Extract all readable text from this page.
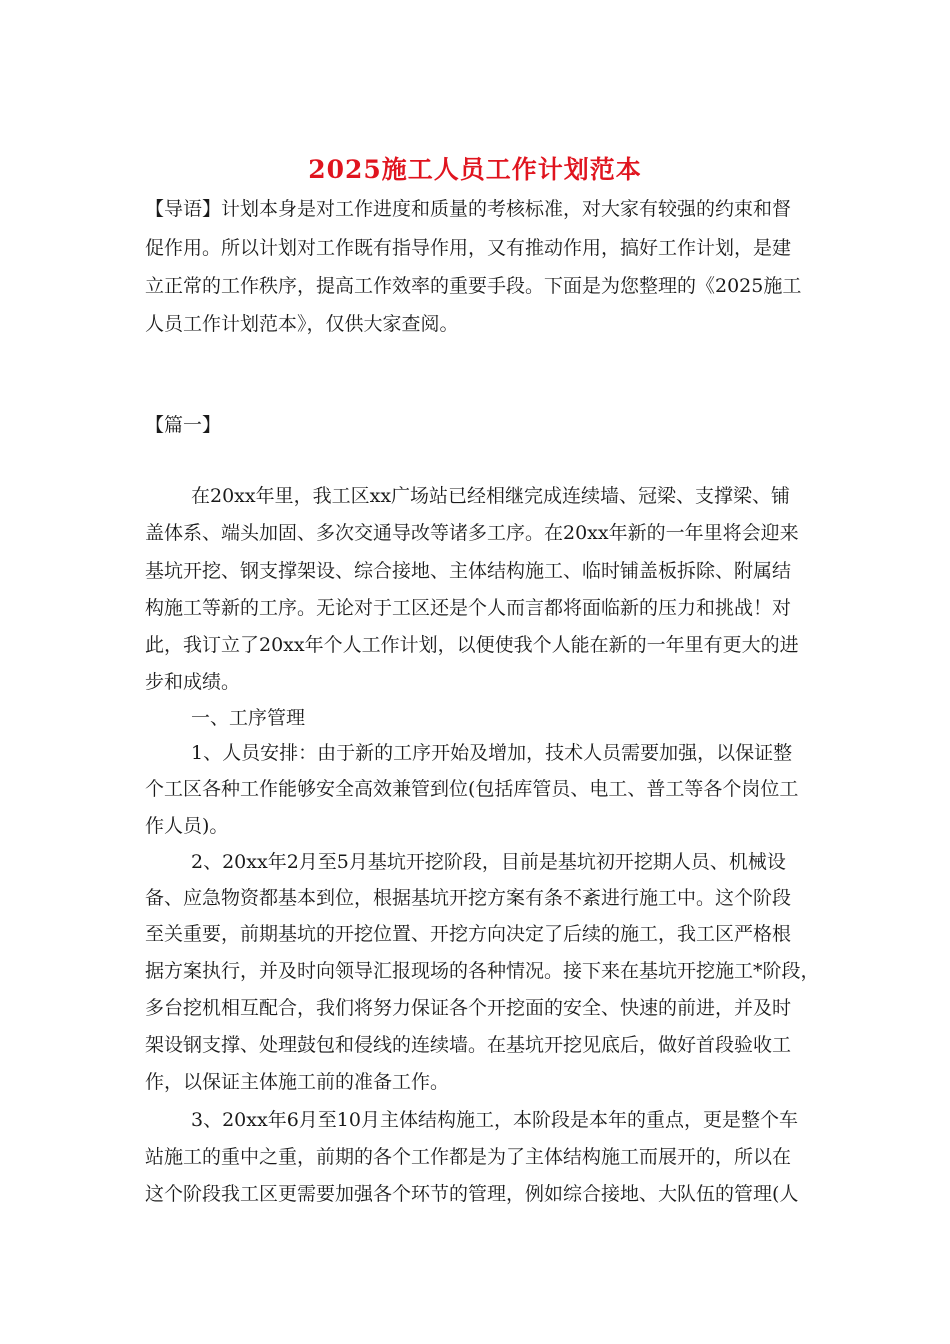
2025施工人员工作计划范本
【导语】计划本身是对工作进度和质量的考核标准，对大家有较强的约束和督
促作用。所以计划对工作既有指导作用，又有推动作用，搞好工作计划，是建
立正常的工作秩序，提高工作效率的重要手段。下面是为您整理的《2025施工
人员工作计划范本》，仅供大家查阅。
【篇一】
在20xx年里，我工区xx广场站已经相继完成连续墙、冠梁、支撑梁、铺
盖体系、端头加固、多次交通导改等诸多工序。在20xx年新的一年里将会迎来
基坑开挖、钢支撑架设、综合接地、主体结构施工、临时铺盖板拆除、附属结
构施工等新的工序。无论对于工区还是个人而言都将面临新的压力和挑战！对
此，我订立了20xx年个人工作计划，以便使我个人能在新的一年里有更大的进
步和成绩。
一、工序管理
1、人员安排：由于新的工序开始及增加，技术人员需要加强，以保证整
个工区各种工作能够安全高效兼管到位(包括库管员、电工、普工等各个岗位工
作人员)。
2、20xx年2月至5月基坑开挖阶段，目前是基坑初开挖期人员、机械设
备、应急物资都基本到位，根据基坑开挖方案有条不紊进行施工中。这个阶段
至关重要，前期基坑的开挖位置、开挖方向决定了后续的施工，我工区严格根
据方案执行，并及时向领导汇报现场的各种情况。接下来在基坑开挖施工*阶段，
多台挖机相互配合，我们将努力保证各个开挖面的安全、快速的前进，并及时
架设钢支撑、处理鼓包和侵线的连续墙。在基坑开挖见底后，做好首段验收工
作，以保证主体施工前的准备工作。
3、20xx年6月至10月主体结构施工，本阶段是本年的重点，更是整个车
站施工的重中之重，前期的各个工作都是为了主体结构施工而展开的，所以在
这个阶段我工区更需要加强各个环节的管理，例如综合接地、大队伍的管理(人
